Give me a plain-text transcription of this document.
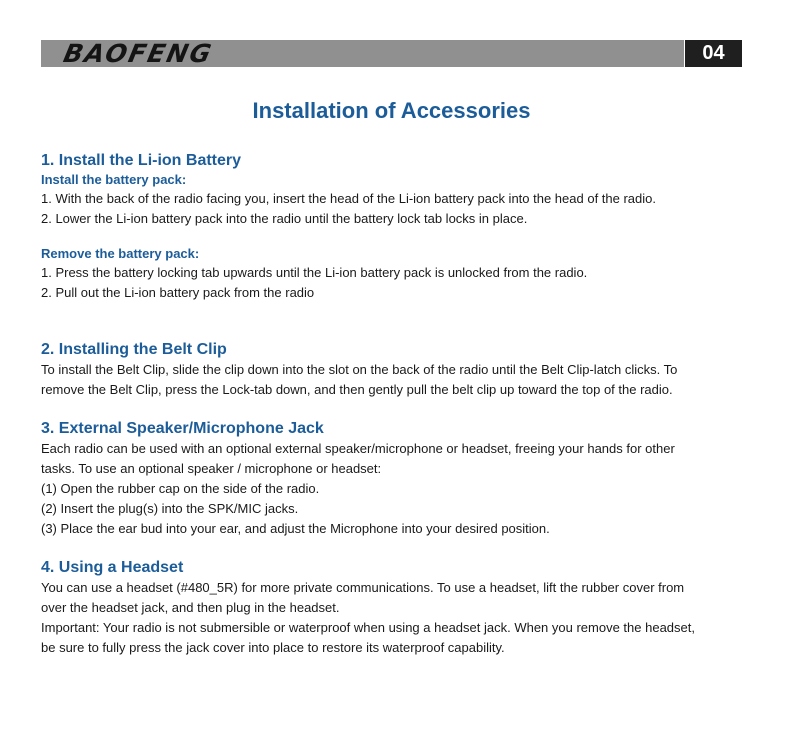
BAOFENG	04
Installation of Accessories
1. Install the Li-ion Battery
Install the battery pack:

1. With the back of the radio facing you, insert the head of the Li-ion battery pack into the head of the radio.

2. Lower the Li-ion battery pack into the radio until the battery lock tab locks in place.

Remove the battery pack:

1. Press the battery locking tab upwards until the Li-ion battery pack is unlocked from the radio.

2. Pull out the Li-ion battery pack from the radio

2. Installing the Belt Clip

To install the Belt Clip, slide the clip down into the slot on the back of the radio until the Belt Clip-latch clicks. To

remove the Belt Clip, press the Lock-tab down, and then gently pull the belt clip up toward the top of the radio.

3. External Speaker/Microphone Jack

Each radio can be used with an optional external speaker/microphone or headset, freeing your hands for other

tasks. To use an optional speaker / microphone or headset:

(1) Open the rubber cap on the side of the radio.

(2) Insert the plug(s) into the SPK/MIC jacks.

(3) Place the ear bud into your ear, and adjust the Microphone into your desired position.

4. Using a Headset

You can use a headset (#480_5R) for more private communications. To use a headset, lift the rubber cover from

over the headset jack, and then plug in the headset.

Important: Your radio is not submersible or waterproof when using a headset jack. When you remove the headset,

be sure to fully press the jack cover into place to restore its waterproof capability.
